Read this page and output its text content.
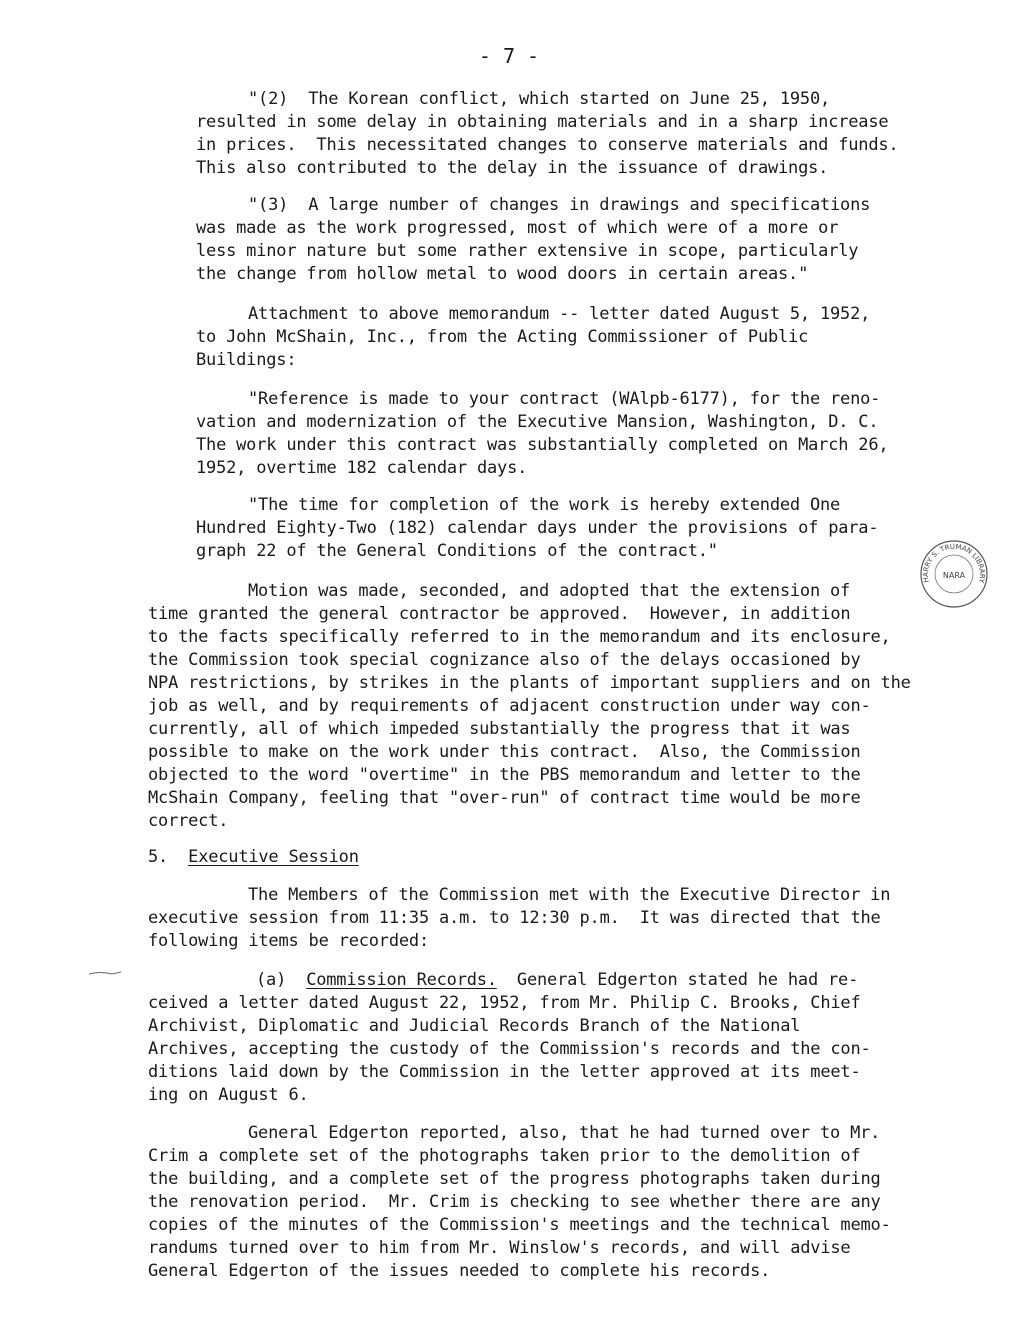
- 7 -
"(2)  The Korean conflict, which started on June 25, 1950,
resulted in some delay in obtaining materials and in a sharp increase
in prices.  This necessitated changes to conserve materials and funds.
This also contributed to the delay in the issuance of drawings.
"(3)  A large number of changes in drawings and specifications
was made as the work progressed, most of which were of a more or
less minor nature but some rather extensive in scope, particularly
the change from hollow metal to wood doors in certain areas."
Attachment to above memorandum -- letter dated August 5, 1952,
to John McShain, Inc., from the Acting Commissioner of Public
Buildings:
"Reference is made to your contract (WAlpb-6177), for the reno-
vation and modernization of the Executive Mansion, Washington, D. C.
The work under this contract was substantially completed on March 26,
1952, overtime 182 calendar days.
"The time for completion of the work is hereby extended One
Hundred Eighty-Two (182) calendar days under the provisions of para-
graph 22 of the General Conditions of the contract."
Motion was made, seconded, and adopted that the extension of
time granted the general contractor be approved.  However, in addition
to the facts specifically referred to in the memorandum and its enclosure,
the Commission took special cognizance also of the delays occasioned by
NPA restrictions, by strikes in the plants of important suppliers and on the
job as well, and by requirements of adjacent construction under way con-
currently, all of which impeded substantially the progress that it was
possible to make on the work under this contract.  Also, the Commission
objected to the word "overtime" in the PBS memorandum and letter to the
McShain Company, feeling that "over-run" of contract time would be more
correct.
5. Executive Session
The Members of the Commission met with the Executive Director in
executive session from 11:35 a.m. to 12:30 p.m.  It was directed that the
following items be recorded:
(a)  Commission Records.  General Edgerton stated he had re-
ceived a letter dated August 22, 1952, from Mr. Philip C. Brooks, Chief
Archivist, Diplomatic and Judicial Records Branch of the National
Archives, accepting the custody of the Commission's records and the con-
ditions laid down by the Commission in the letter approved at its meet-
ing on August 6.
General Edgerton reported, also, that he had turned over to Mr.
Crim a complete set of the photographs taken prior to the demolition of
the building, and a complete set of the progress photographs taken during
the renovation period.  Mr. Crim is checking to see whether there are any
copies of the minutes of the Commission's meetings and the technical memo-
randums turned over to him from Mr. Winslow's records, and will advise
General Edgerton of the issues needed to complete his records.
NARA
HARRY S. TRUMAN LIBRARY
